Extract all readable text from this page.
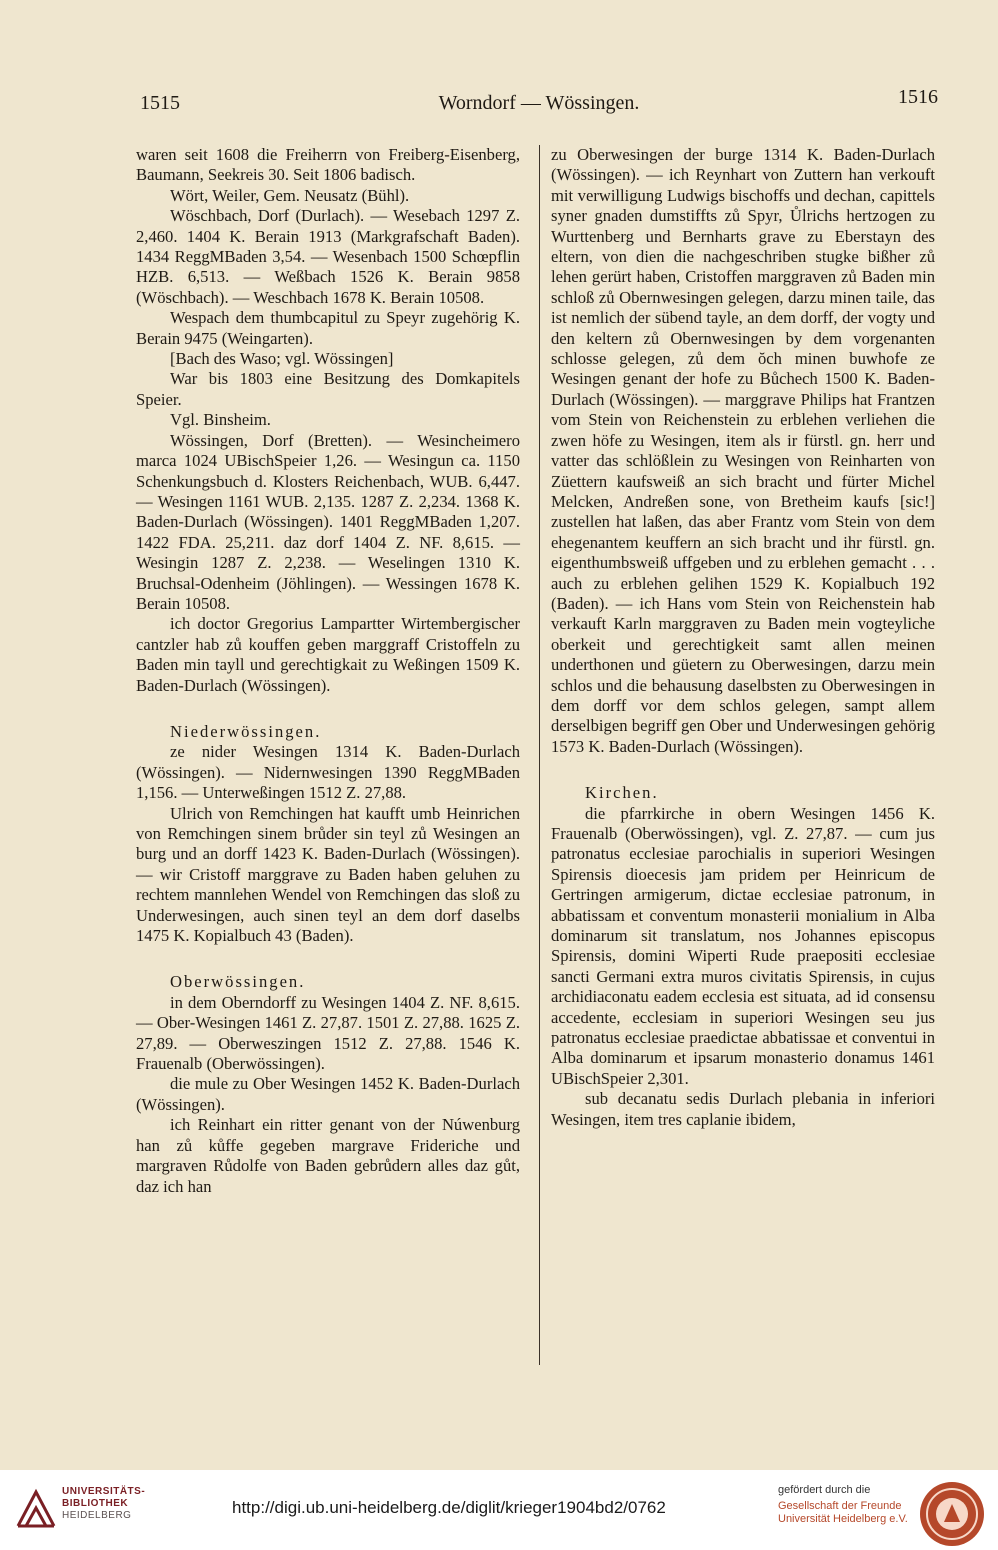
1515	Worndorf — Wössingen.	1516

waren seit 1608 die Freiherrn von Freiberg-Eisenberg, Baumann, Seekreis 30. Seit 1806 badisch.

Wört, Weiler, Gem. Neusatz (Bühl).

Wöschbach, Dorf (Durlach). — Wesebach 1297 Z. 2,460. 1404 K. Berain 1913 (Markgrafschaft Baden). 1434 ReggMBaden 3,54. — Wesenbach 1500 Schœpflin HZB. 6,513. — Weßbach 1526 K. Berain 9858 (Wöschbach). — Weschbach 1678 K. Berain 10508.

Wespach dem thumbcapitul zu Speyr zugehörig K. Berain 9475 (Weingarten).

[Bach des Waso; vgl. Wössingen]

War bis 1803 eine Besitzung des Domkapitels Speier.

Vgl. Binsheim.

Wössingen, Dorf (Bretten). — Wesincheimero marca 1024 UBischSpeier 1,26. — Wesingun ca. 1150 Schenkungsbuch d. Klosters Reichenbach, WUB. 6,447. — Wesingen 1161 WUB. 2,135. 1287 Z. 2,234. 1368 K. Baden-Durlach (Wössingen). 1401 ReggMBaden 1,207. 1422 FDA. 25,211. daz dorf 1404 Z. NF. 8,615. — Wesingin 1287 Z. 2,238. — Weselingen 1310 K. Bruchsal-Odenheim (Jöhlingen). — Wessingen 1678 K. Berain 10508.

ich doctor Gregorius Lampartter Wirtembergischer cantzler hab zů kouffen geben marggraff Cristoffeln zu Baden min tayll und gerechtigkait zu Weßingen 1509 K. Baden-Durlach (Wössingen).

Niederwössingen.

ze nider Wesingen 1314 K. Baden-Durlach (Wössingen). — Nidernwesingen 1390 ReggMBaden 1,156. — Unterweßingen 1512 Z. 27,88.

Ulrich von Remchingen hat kaufft umb Heinrichen von Remchingen sinem brůder sin teyl zů Wesingen an burg und an dorff 1423 K. Baden-Durlach (Wössingen). — wir Cristoff marggrave zu Baden haben geluhen zu rechtem mannlehen Wendel von Remchingen das sloß zu Underwesingen, auch sinen teyl an dem dorf daselbs 1475 K. Kopialbuch 43 (Baden).

Oberwössingen.

in dem Oberndorff zu Wesingen 1404 Z. NF. 8,615. — Ober-Wesingen 1461 Z. 27,87. 1501 Z. 27,88. 1625 Z. 27,89. — Oberweszingen 1512 Z. 27,88. 1546 K. Frauenalb (Oberwössingen).

die mule zu Ober Wesingen 1452 K. Baden-Durlach (Wössingen).

ich Reinhart ein ritter genant von der Núwenburg han zů kůffe gegeben margrave Frideriche und margraven Růdolfe von Baden gebrůdern alles daz gůt, daz ich han

zu Oberwesingen der burge 1314 K. Baden-Durlach (Wössingen). — ich Reynhart von Zuttern han verkouft mit verwilligung Ludwigs bischoffs und dechan, capittels syner gnaden dumstiffts zů Spyr, Ůlrichs hertzogen zu Wurttenberg und Bernharts grave zu Eberstayn des eltern, von dien die nachgeschriben stugke bißher zů lehen gerürt haben, Cristoffen marggraven zů Baden min schloß zů Obernwesingen gelegen, darzu minen taile, das ist nemlich der sübend tayle, an dem dorff, der vogty und den keltern zů Obernwesingen by dem vorgenanten schlosse gelegen, zů dem ŏch minen buwhofe ze Wesingen genant der hofe zu Bůchech 1500 K. Baden-Durlach (Wössingen). — marggrave Philips hat Frantzen vom Stein von Reichenstein zu erblehen verliehen die zwen höfe zu Wesingen, item als ir fürstl. gn. herr und vatter das schlößlein zu Wesingen von Reinharten von Züettern kaufsweiß an sich bracht und fürter Michel Melcken, Andreßen sone, von Bretheim kaufs [sic!] zustellen hat laßen, das aber Frantz vom Stein von dem ehegenantem keuffern an sich bracht und ihr fürstl. gn. eigenthumbsweiß uffgeben und zu erblehen gemacht . . . auch zu erblehen gelihen 1529 K. Kopialbuch 192 (Baden). — ich Hans vom Stein von Reichenstein hab verkauft Karln marggraven zu Baden mein vogteyliche oberkeit und gerechtigkeit samt allen meinen underthonen und güetern zu Oberwesingen, darzu mein schlos und die behausung daselbsten zu Oberwesingen in dem dorff vor dem schlos gelegen, sampt allem derselbigen begriff gen Ober und Underwesingen gehörig 1573 K. Baden-Durlach (Wössingen).

Kirchen.

die pfarrkirche in obern Wesingen 1456 K. Frauenalb (Oberwössingen), vgl. Z. 27,87. — cum jus patronatus ecclesiae parochialis in superiori Wesingen Spirensis dioecesis jam pridem per Heinricum de Gertringen armigerum, dictae ecclesiae patronum, in abbatissam et conventum monasterii monialium in Alba dominarum sit translatum, nos Johannes episcopus Spirensis, domini Wiperti Rude praepositi ecclesiae sancti Germani extra muros civitatis Spirensis, in cujus archidiaconatu eadem ecclesia est situata, ad id consensu accedente, ecclesiam in superiori Wesingen seu jus patronatus ecclesiae praedictae abbatissae et conventui in Alba dominarum et ipsarum monasterio donamus 1461 UBischSpeier 2,301.

sub decanatu sedis Durlach plebania in inferiori Wesingen, item tres caplanie ibidem,

UNIVERSITÄTS-
BIBLIOTHEK
HEIDELBERG	http://digi.ub.uni-heidelberg.de/diglit/krieger1904bd2/0762
gefördert durch die
Gesellschaft der Freunde
Universität Heidelberg e.V.
